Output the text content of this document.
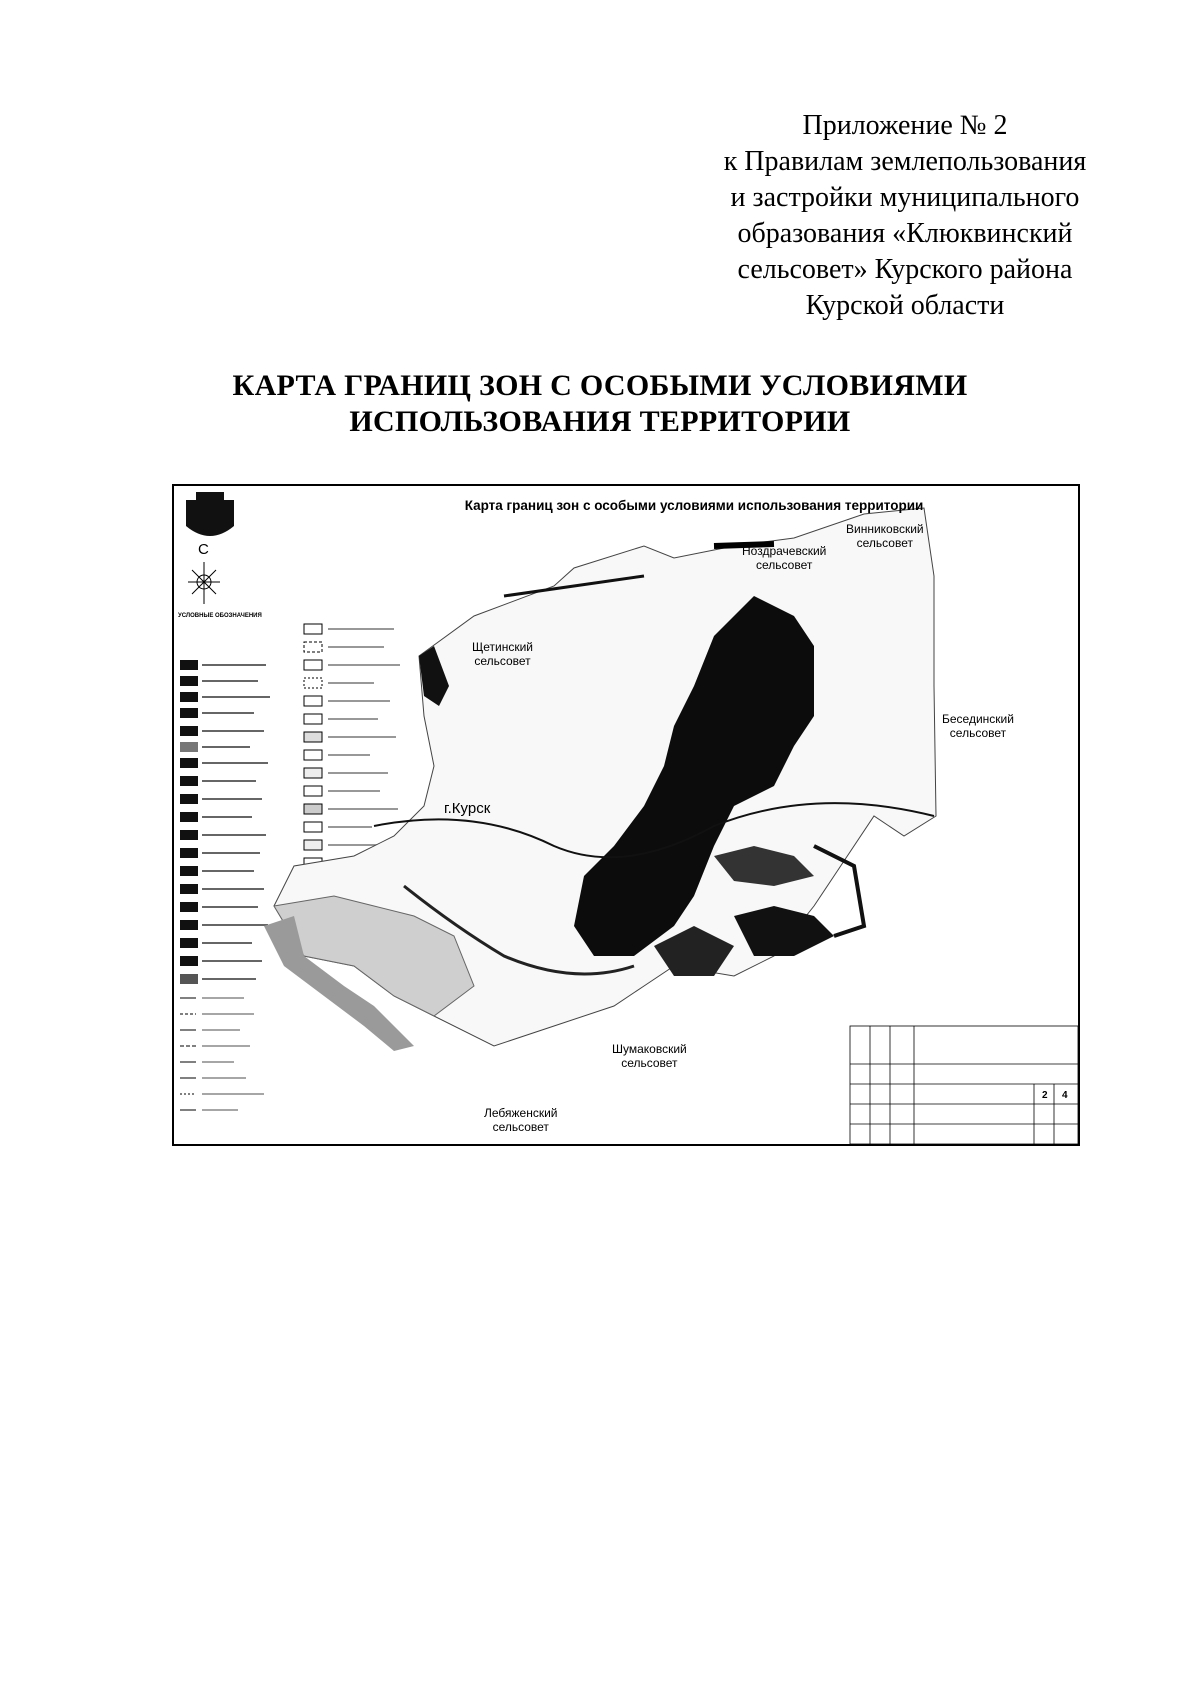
Приложение № 2
к Правилам землепользования
и застройки муниципального
образования «Клюквинский
сельсовет» Курского района
Курской области
КАРТА ГРАНИЦ ЗОН С ОСОБЫМИ УСЛОВИЯМИ
ИСПОЛЬЗОВАНИЯ ТЕРРИТОРИИ
Карта границ зон с особыми условиями использования территории
С
УСЛОВНЫЕ ОБОЗНАЧЕНИЯ
Винниковский
сельсовет
Ноздрачевский
сельсовет
Щетинский
сельсовет
Бесединский
сельсовет
г.Курск
Шумаковский
сельсовет
Лебяженский
сельсовет
2 4
